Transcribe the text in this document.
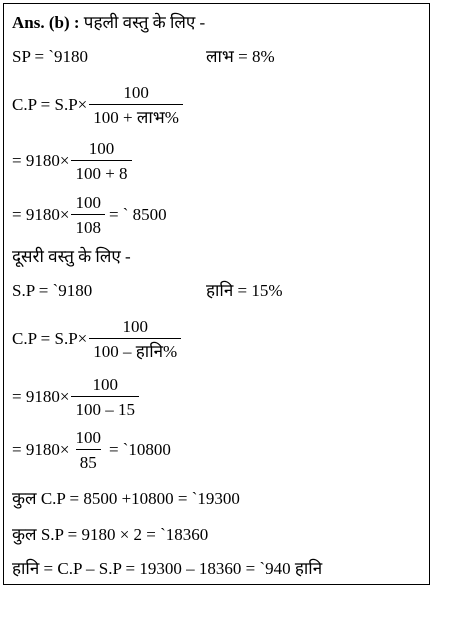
Ans. (b) : पहली वस्तु के लिए -
SP = `9180	लाभ = 8%
$C.P = S.P \times \frac{100}{\text{100 + लाभ\%}}$
= $9180 \times \frac{100}{100 + 8}$
= $9180 \times \frac{100}{108}$ = ` 8500
दूसरी वस्तु के लिए -
S.P = `9180	हानि = 15%
$C.P = S.P \times \frac{100}{\text{100 – हानि\%}}$
= $9180 \times \frac{100}{100 - 15}$
= $9180 \times \frac{100}{85}$ = `10800
कुल C.P = 8500 +10800 = `19300
कुल S.P = 9180 × 2 = `18360
हानि = C.P – S.P = 19300 – 18360 = `940 हानि
